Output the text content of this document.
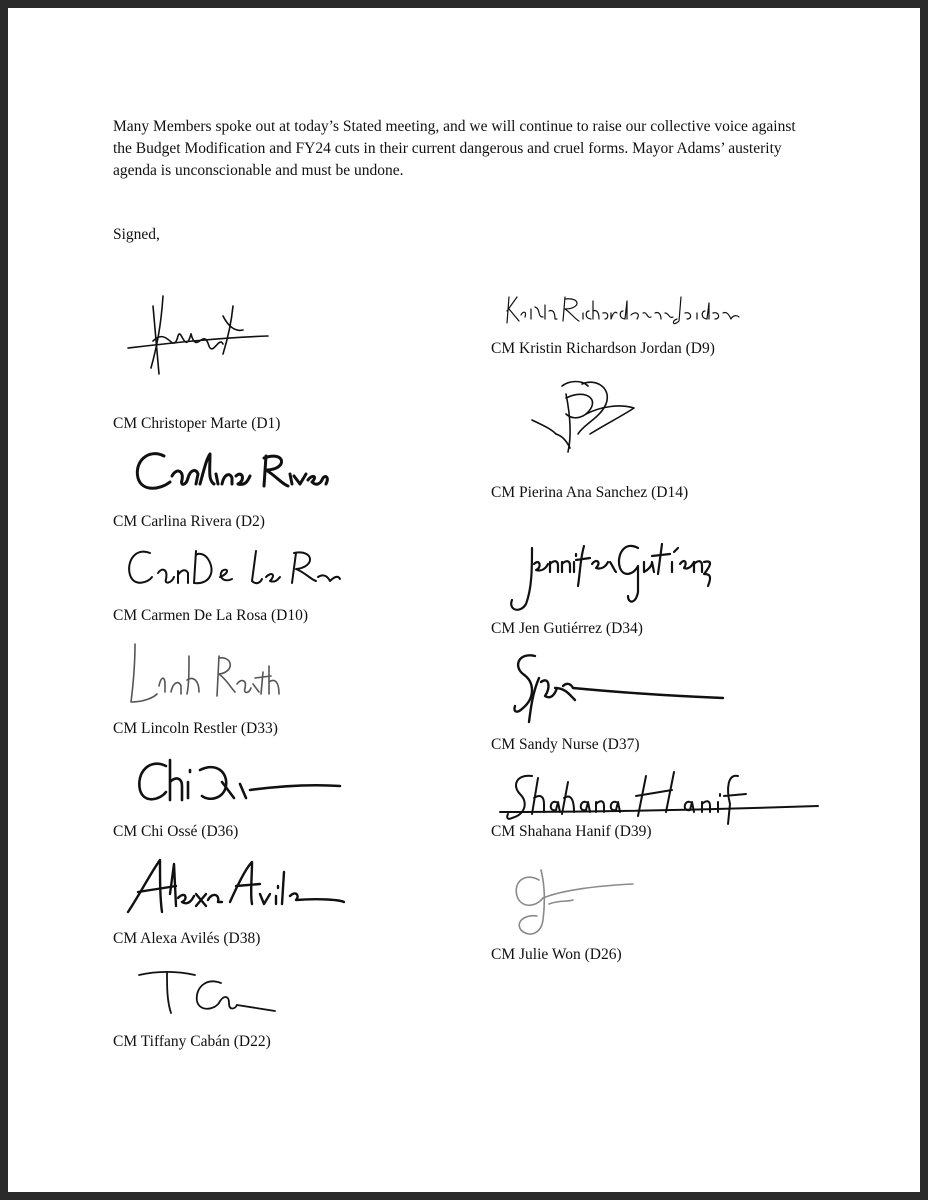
Many Members spoke out at today’s Stated meeting, and we will continue to raise our collective voice against the Budget Modification and FY24 cuts in their current dangerous and cruel forms. Mayor Adams’ austerity agenda is unconscionable and must be undone.
Signed,
CM Christoper Marte (D1)
CM Carlina Rivera (D2)
CM Carmen De La Rosa (D10)
CM Lincoln Restler (D33)
CM Chi Ossé (D36)
CM Alexa Avilés (D38)
CM Tiffany Cabán (D22)
CM Kristin Richardson Jordan (D9)
CM Pierina Ana Sanchez (D14)
CM Jen Gutiérrez (D34)
CM Sandy Nurse (D37)
CM Shahana Hanif (D39)
CM Julie Won (D26)
